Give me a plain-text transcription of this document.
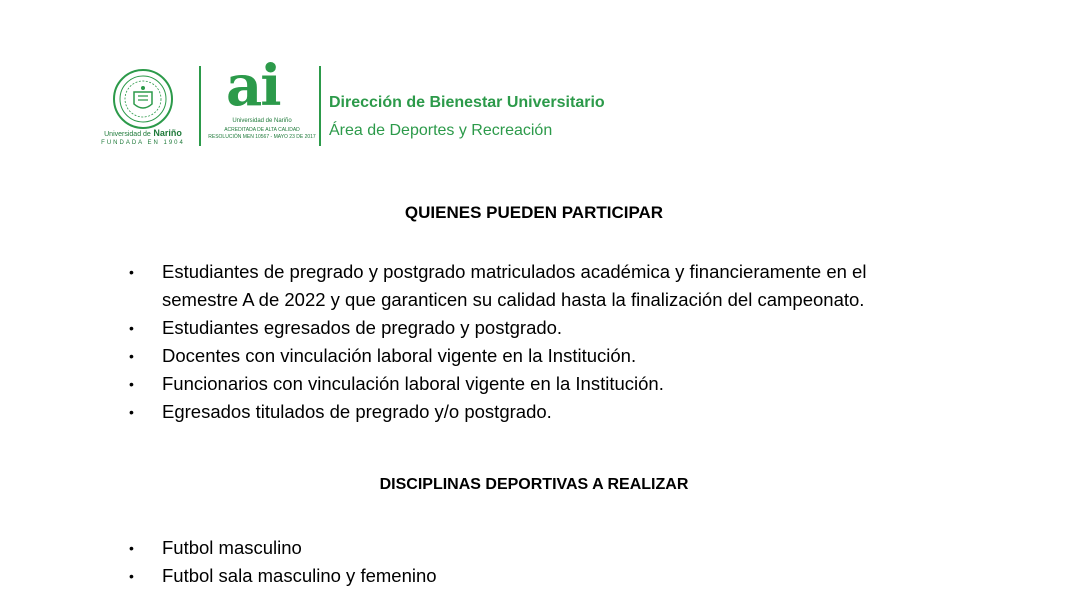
Universidad de Nariño
FUNDADA EN 1904
ai
Universidad de Nariño
ACREDITADA DE ALTA CALIDAD
RESOLUCIÓN MEN 10567 - MAYO 23 DE 2017
Dirección de Bienestar Universitario
Área de Deportes y Recreación
QUIENES PUEDEN PARTICIPAR
• Estudiantes de pregrado y postgrado matriculados académica y financieramente en el
semestre A de 2022 y que garanticen su calidad hasta la finalización del campeonato.
• Estudiantes egresados de pregrado y postgrado.
• Docentes con vinculación laboral vigente en la Institución.
• Funcionarios con vinculación laboral vigente en la Institución.
• Egresados titulados de pregrado y/o postgrado.
DISCIPLINAS DEPORTIVAS A REALIZAR
• Futbol masculino
• Futbol sala masculino y femenino
